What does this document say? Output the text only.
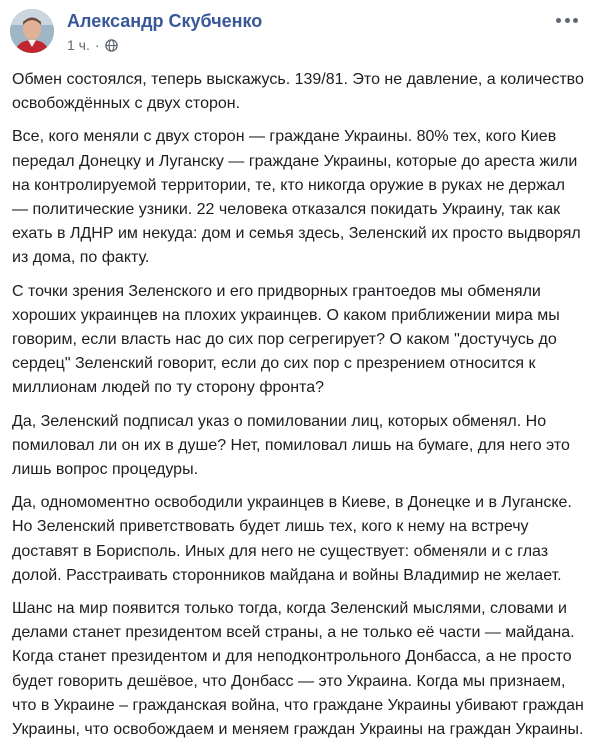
Александр Скубченко
1 ч. ·

Обмен состоялся, теперь выскажусь. 139/81. Это не давление, а количество освобождённых с двух сторон.

Все, кого меняли с двух сторон — граждане Украины. 80% тех, кого Киев передал Донецку и Луганску — граждане Украины, которые до ареста жили на контролируемой территории, те, кто никогда оружие в руках не держал — политические узники. 22 человека отказался покидать Украину, так как ехать в ЛДНР им некуда: дом и семья здесь, Зеленский их просто выдворял из дома, по факту.

С точки зрения Зеленского и его придворных грантоедов мы обменяли хороших украинцев на плохих украинцев. О каком приближении мира мы говорим, если власть нас до сих пор сегрегирует? О каком "достучусь до сердец" Зеленский говорит, если до сих пор с презрением относится к миллионам людей по ту сторону фронта?

Да, Зеленский подписал указ о помиловании лиц, которых обменял. Но помиловал ли он их в душе? Нет, помиловал лишь на бумаге, для него это лишь вопрос процедуры.

Да, одномоментно освободили украинцев в Киеве, в Донецке и в Луганске. Но Зеленский приветствовать будет лишь тех, кого к нему на встречу доставят в Борисполь. Иных для него не существует: обменяли и с глаз долой. Расстраивать сторонников майдана и войны Владимир не желает.

Шанс на мир появится только тогда, когда Зеленский мыслями, словами и делами станет президентом всей страны, а не только её части — майдана. Когда станет президентом и для неподконтрольного Донбасса, а не просто будет говорить дешёвое, что Донбасс — это Украина. Когда мы признаем, что в Украине – гражданская война, что граждане Украины убивают граждан Украины, что освобождаем и меняем граждан Украины на граждан Украины.
